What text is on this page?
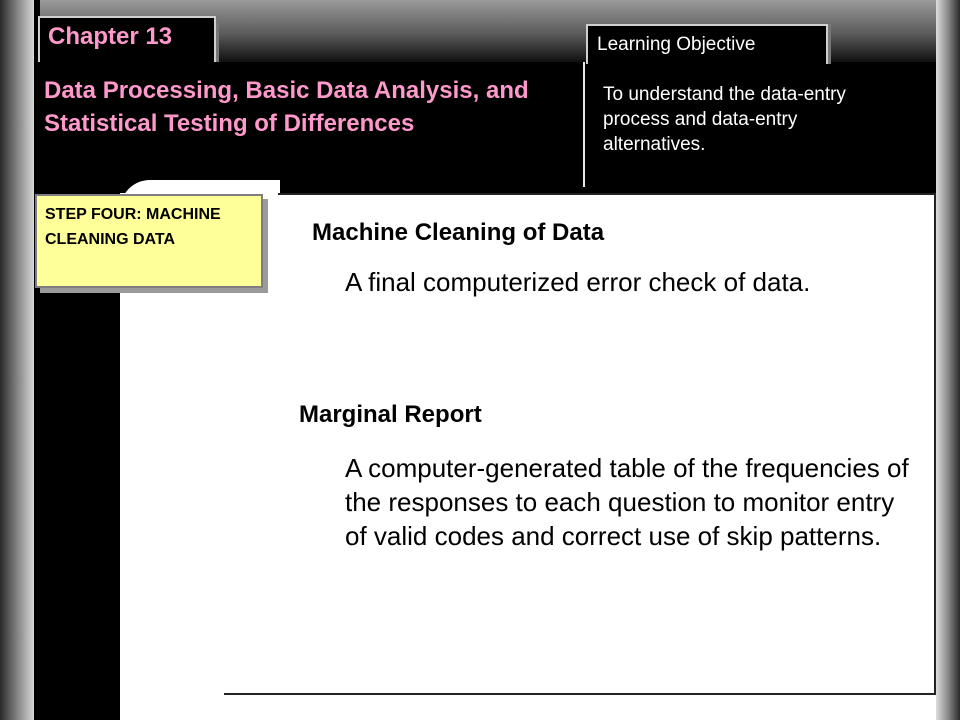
Chapter 13	Learning Objective
Data Processing, Basic Data Analysis, and Statistical Testing of Differences
To understand the data-entry process and data-entry alternatives.
STEP FOUR: MACHINE CLEANING DATA	Machine Cleaning of Data
A final computerized error check of data.
Marginal Report
A computer-generated table of the frequencies of the responses to each question to monitor entry of valid codes and correct use of skip patterns.
